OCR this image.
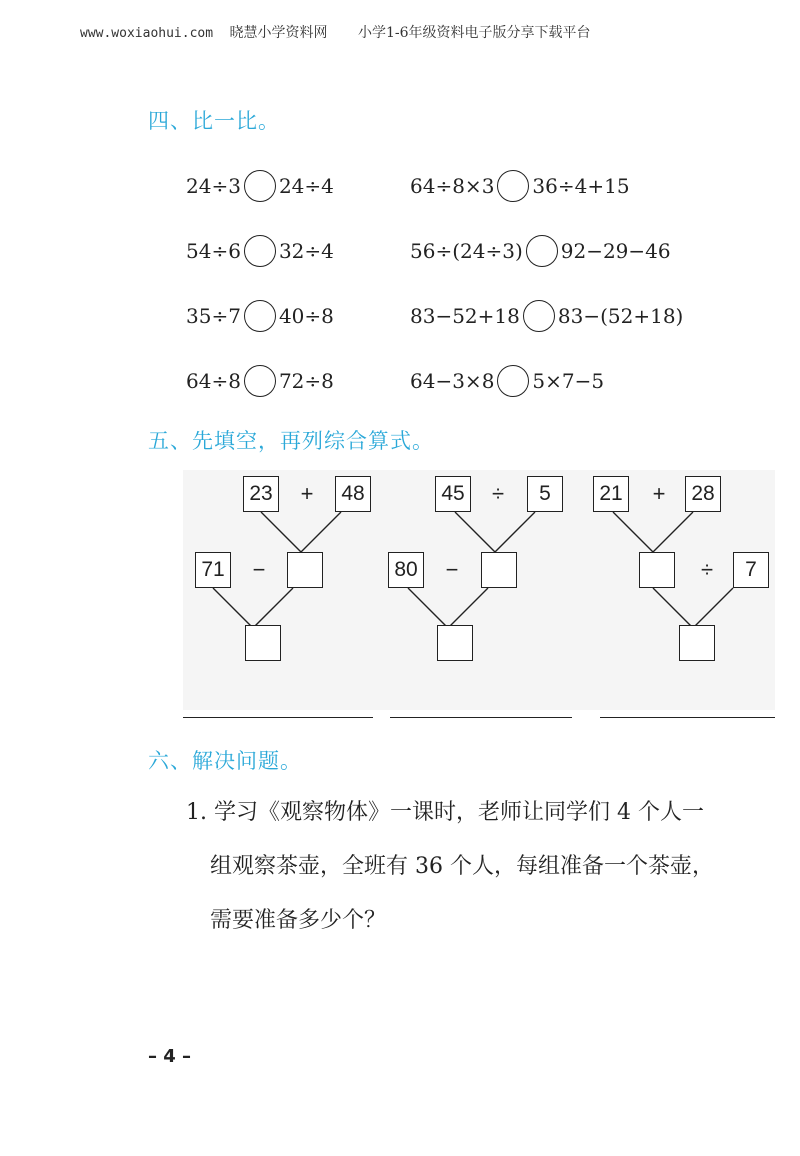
www.woxiaohui.com 晓慧小学资料网 小学1-6年级资料电子版分享下载平台
四、比一比。
24÷3 24÷4	64÷8×3 36÷4+15
54÷6 32÷4	56÷(24÷3) 92−29−46
35÷7 40÷8	83−52+18 83−(52+18)
64÷8 72÷8	64−3×8 5×7−5
五、先填空，再列综合算式。
23 +	48
71 −
45 ÷	5
80 −
21 +	28
÷	7
六、解决问题。
1. 学习《观察物体》一课时，老师让同学们 4 个人一
组观察茶壶，全班有 36 个人，每组准备一个茶壶，
需要准备多少个？
– 4 –
